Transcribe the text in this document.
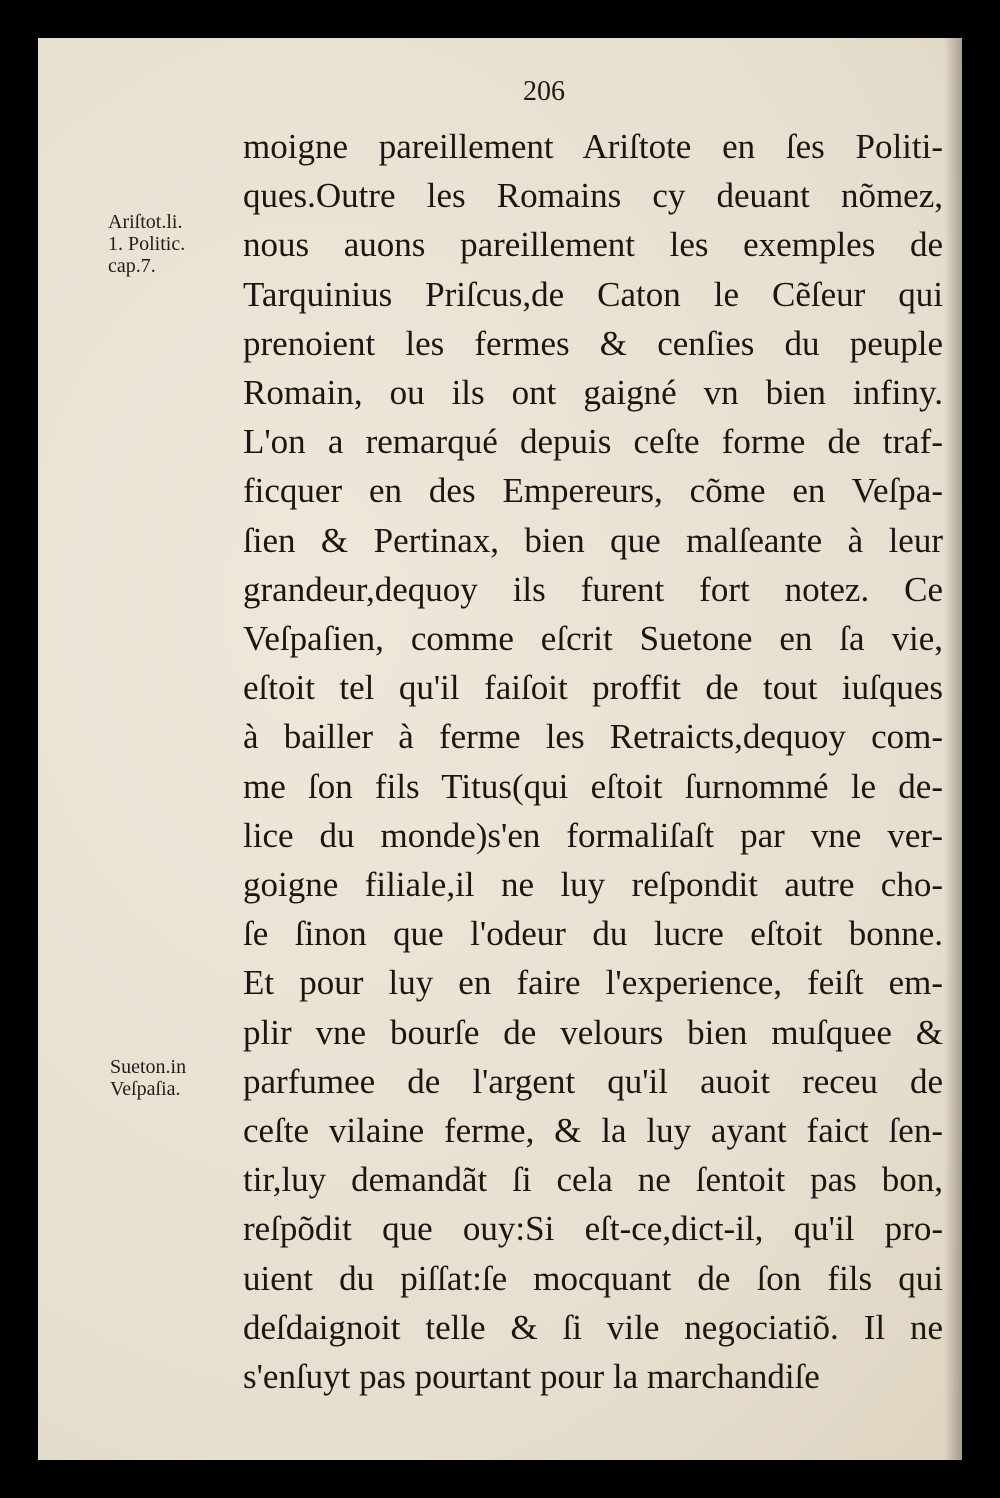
206
Ariſtot.li.
1. Politic.
cap.7.
Sueton.in
Veſpaſia.
moigne pareillement Ariſtote en ſes Politi-
ques.Outre les Romains cy deuant nõmez,
nous auons pareillement les exemples de
Tarquinius Priſcus,de Caton le Cẽſeur qui
prenoient les fermes & cenſies du peuple
Romain, ou ils ont gaigné vn bien infiny.
L'on a remarqué depuis ceſte forme de traf-
ficquer en des Empereurs, cõme en Veſpa-
ſien & Pertinax, bien que malſeante à leur
grandeur,dequoy ils furent fort notez. Ce
Veſpaſien, comme eſcrit Suetone en ſa vie,
eſtoit tel qu'il faiſoit proffit de tout iuſques
à bailler à ferme les Retraicts,dequoy com-
me ſon fils Titus(qui eſtoit ſurnommé le de-
lice du monde)s'en formaliſaſt par vne ver-
goigne filiale,il ne luy reſpondit autre cho-
ſe ſinon que l'odeur du lucre eſtoit bonne.
Et pour luy en faire l'experience, feiſt em-
plir vne bourſe de velours bien muſquee &
parfumee de l'argent qu'il auoit receu de
ceſte vilaine ferme, & la luy ayant faict ſen-
tir,luy demandãt ſi cela ne ſentoit pas bon,
reſpõdit que ouy:Si eſt-ce,dict-il, qu'il pro-
uient du piſſat:ſe mocquant de ſon fils qui
deſdaignoit telle & ſi vile negociatiõ. Il ne
s'enſuyt pas pourtant pour la marchandiſe
